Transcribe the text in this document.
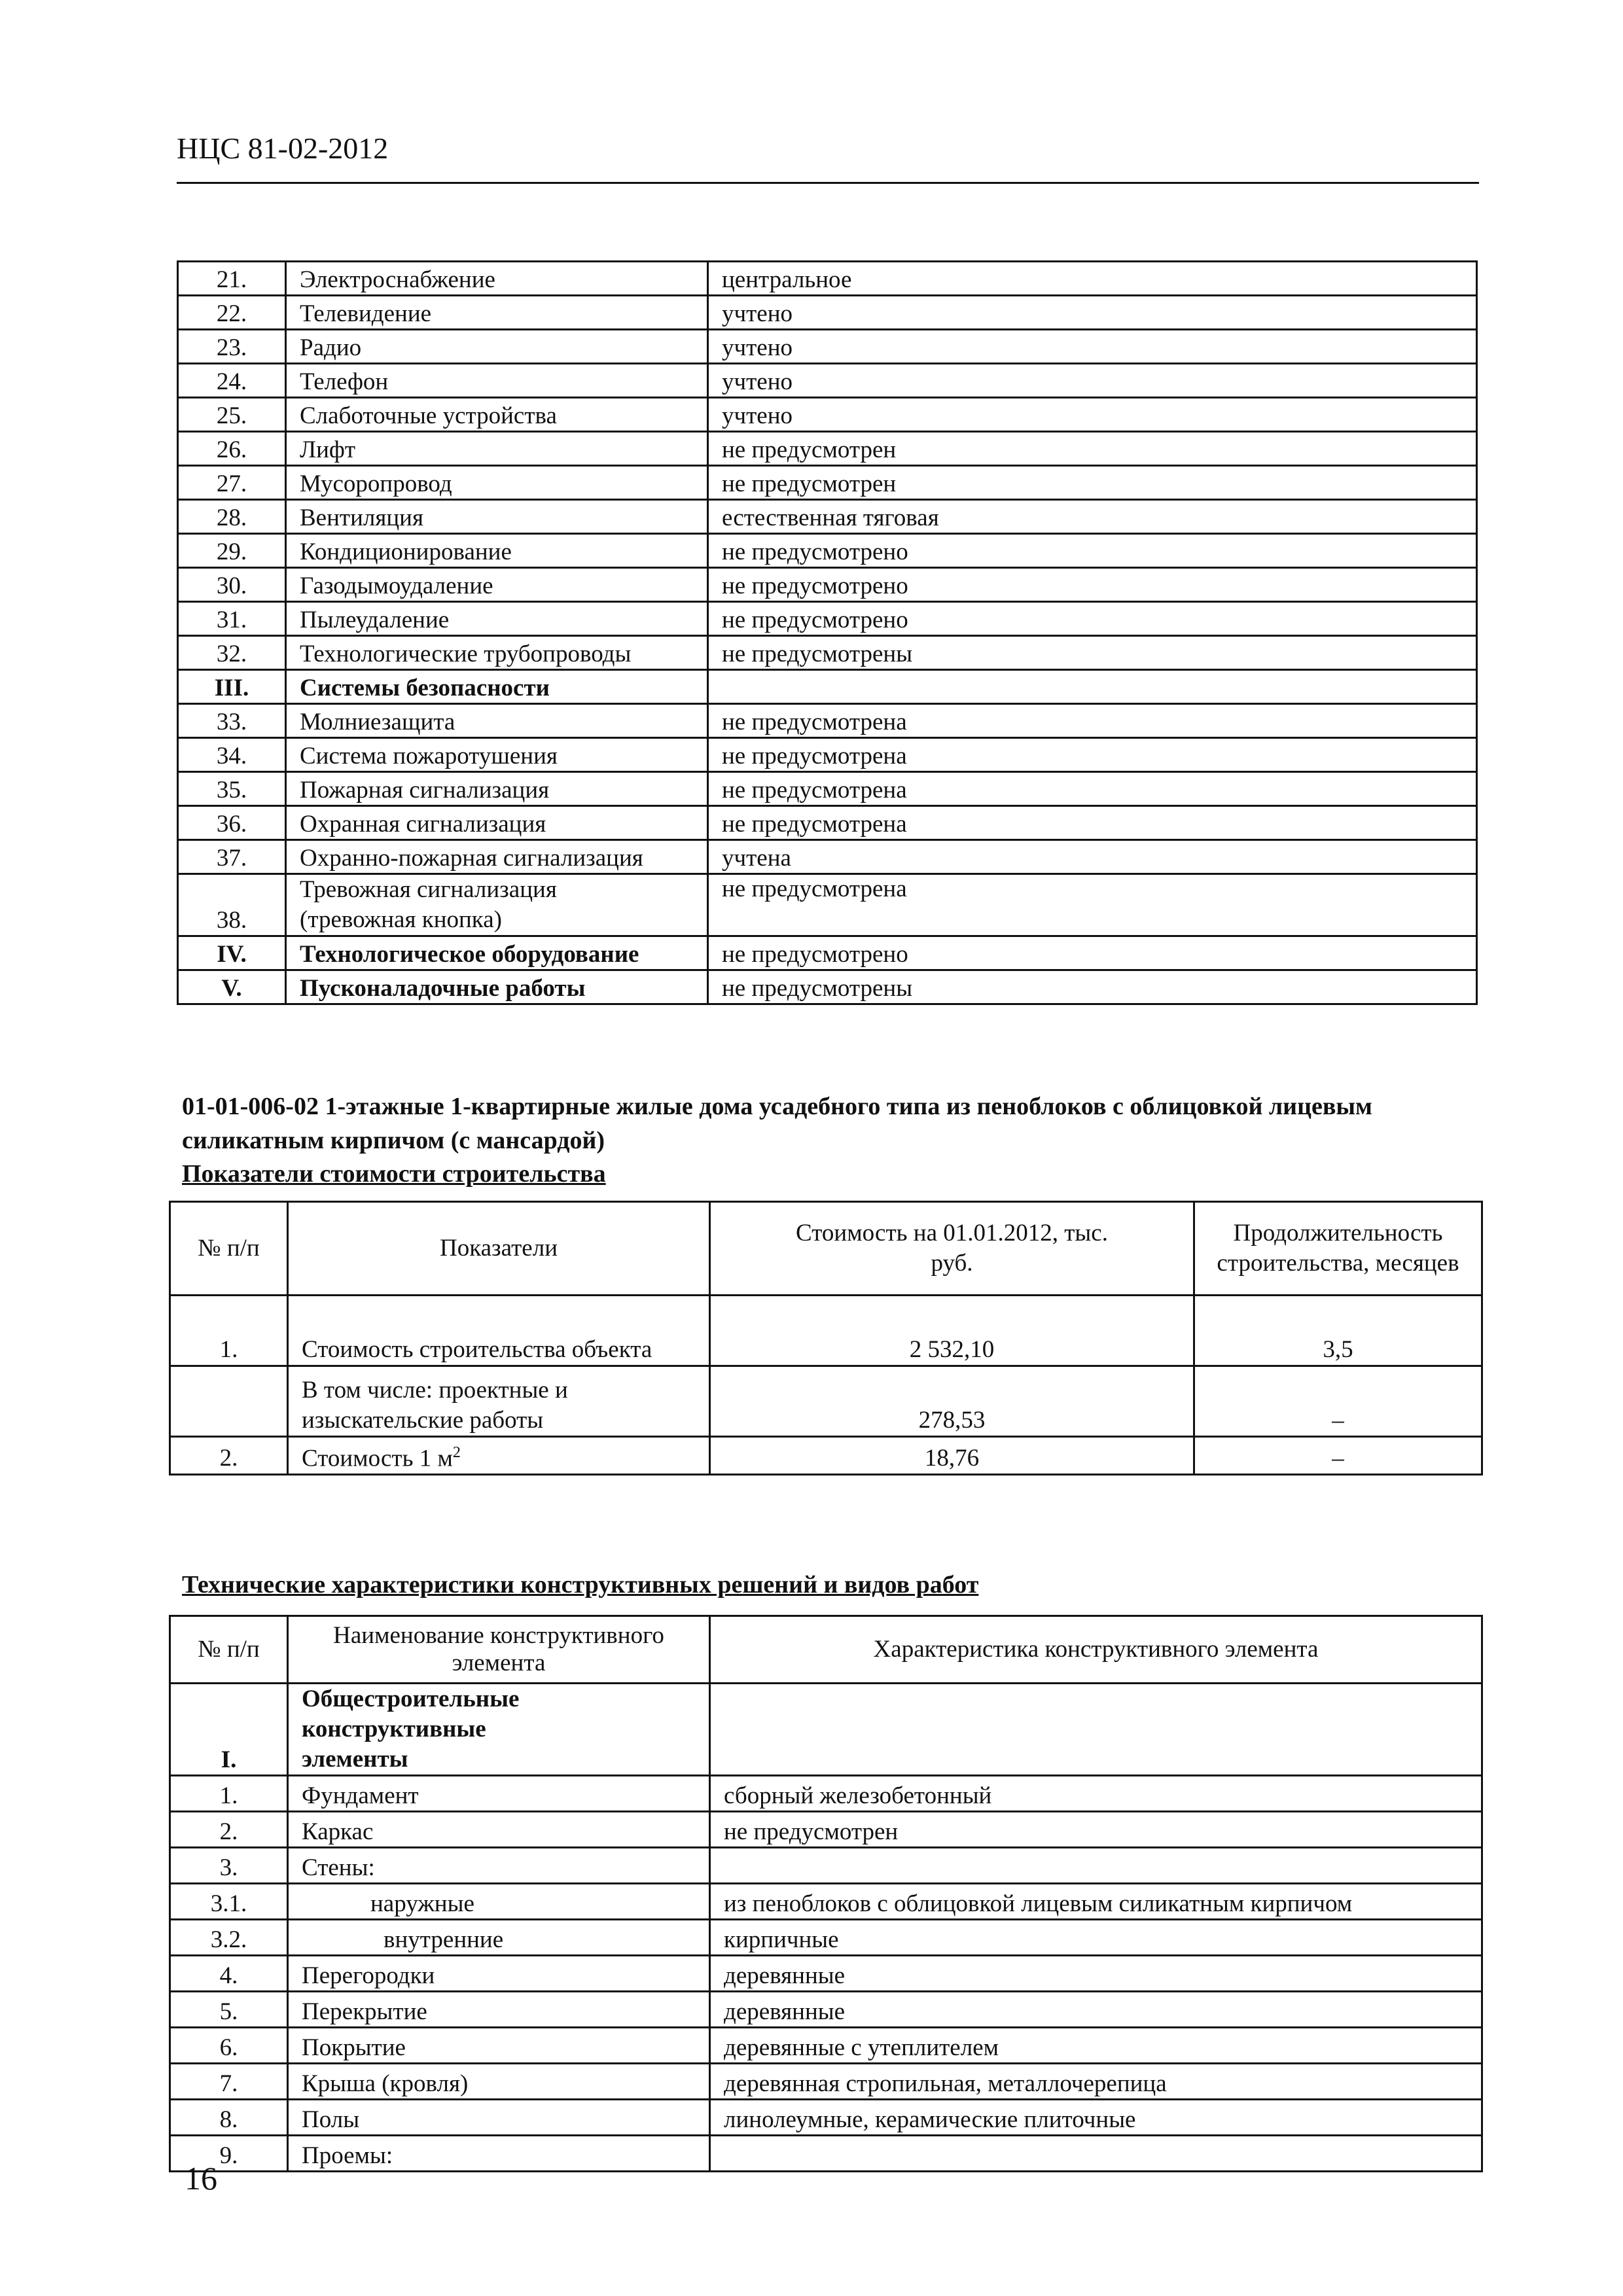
НЦС 81-02-2012
21.	Электроснабжение	центральное
22.	Телевидение	учтено
23.	Радио	учтено
24.	Телефон	учтено
25.	Слаботочные устройства	учтено
26.	Лифт	не предусмотрен
27.	Мусоропровод	не предусмотрен
28.	Вентиляция	естественная тяговая
29.	Кондиционирование	не предусмотрено
30.	Газодымоудаление	не предусмотрено
31.	Пылеудаление	не предусмотрено
32.	Технологические трубопроводы	не предусмотрены
III.	Системы безопасности	
33.	Молниезащита	не предусмотрена
34.	Система пожаротушения	не предусмотрена
35.	Пожарная сигнализация	не предусмотрена
36.	Охранная сигнализация	не предусмотрена
37.	Охранно-пожарная сигнализация	учтена
38.	Тревожная сигнализация (тревожная кнопка)	не предусмотрена
IV.	Технологическое оборудование	не предусмотрено
V.	Пусконаладочные работы	не предусмотрены
01-01-006-02 1-этажные 1-квартирные жилые дома усадебного типа из пеноблоков с облицовкой лицевым силикатным кирпичом (с мансардой)
Показатели стоимости строительства
№ п/п	Показатели	Стоимость на 01.01.2012, тыс. руб.	Продолжительность строительства, месяцев
1.	Стоимость строительства объекта	2 532,10	3,5
	В том числе: проектные и изыскательские работы	278,53	–
2.	Стоимость 1 $м^2$	18,76	–
Технические характеристики конструктивных решений и видов работ
№ п/п	Наименование конструктивного элемента	Характеристика конструктивного элемента
I.	Общестроительные конструктивные элементы	
1.	Фундамент	сборный железобетонный
2.	Каркас	не предусмотрен
3.	Стены:	
3.1.	наружные	из пеноблоков с облицовкой лицевым силикатным кирпичом
3.2.	внутренние	кирпичные
4.	Перегородки	деревянные
5.	Перекрытие	деревянные
6.	Покрытие	деревянные с утеплителем
7.	Крыша (кровля)	деревянная стропильная, металлочерепица
8.	Полы	линолеумные, керамические плиточные
9.	Проемы:	
16
